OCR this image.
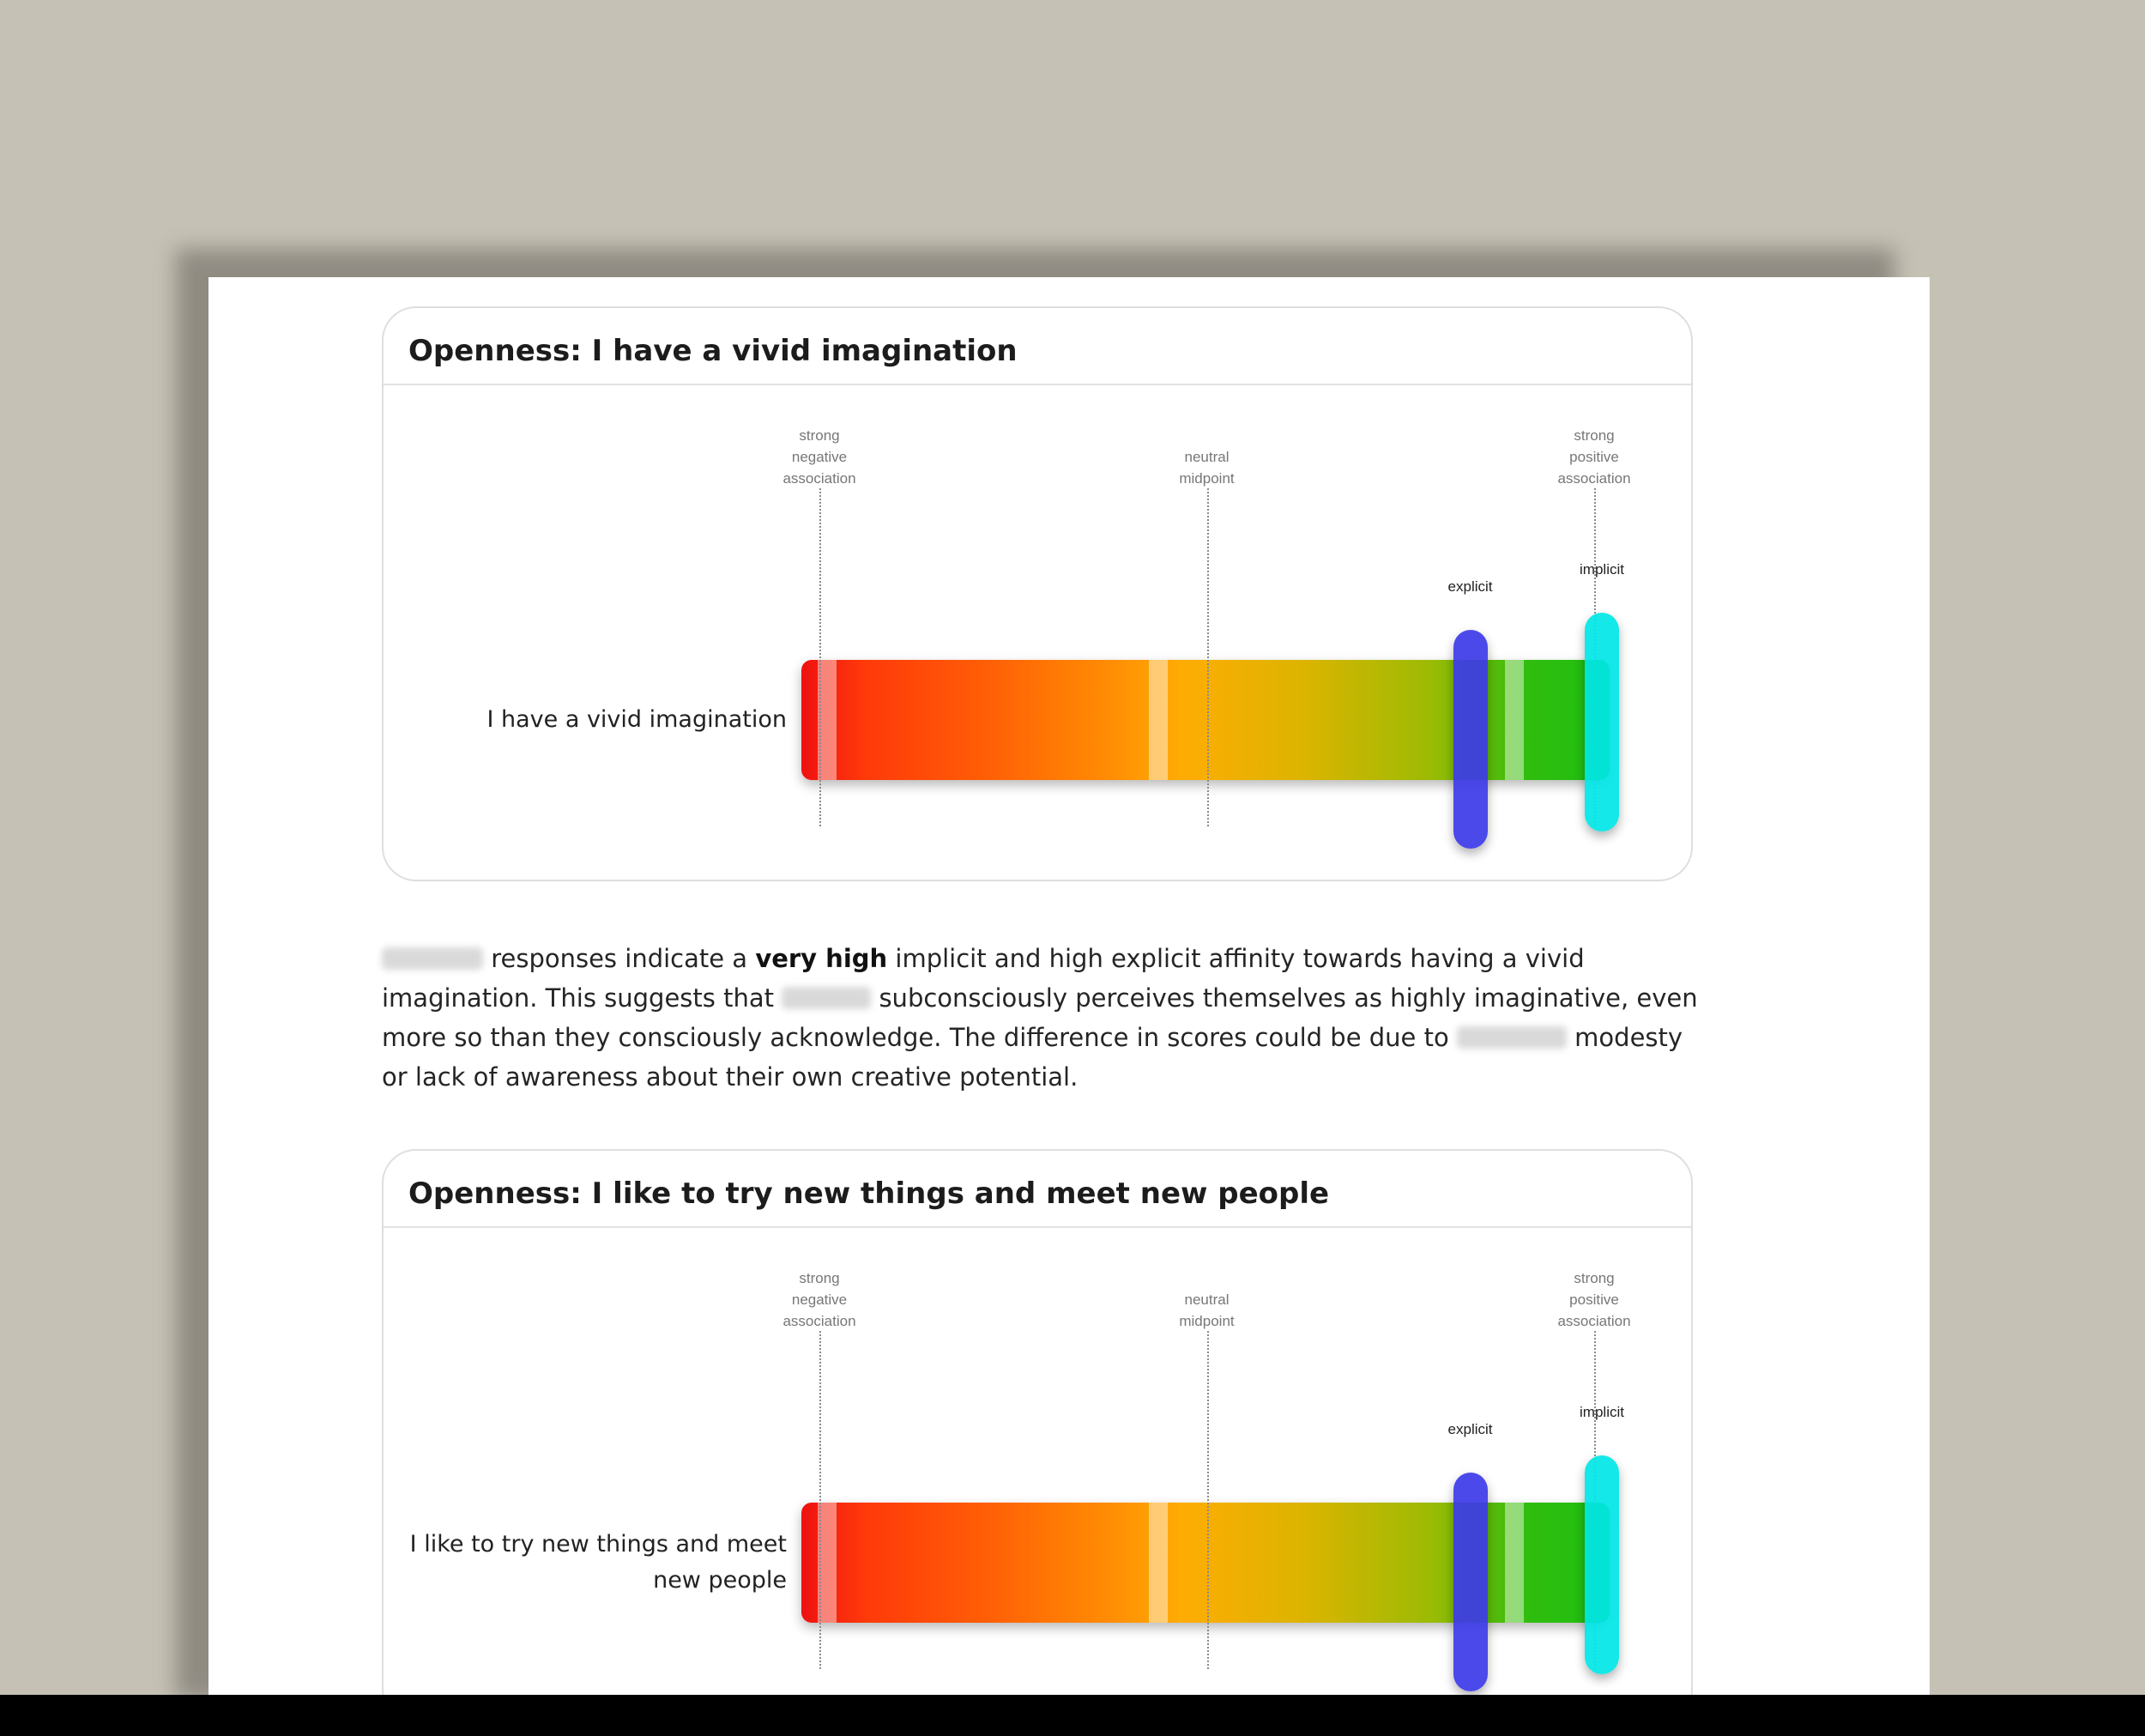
Openness: I have a vivid imagination
I have a vivid imagination
strong
negative
association
neutral
midpoint
strong
positive
association
explicit
implicit

responses indicate a very high implicit and high explicit affinity towards having a vivid imagination. This suggests that	subconsciously perceives themselves as highly imaginative, even more so than they consciously acknowledge. The difference in scores could be due to	modesty or lack of awareness about their own creative potential.

Openness: I like to try new things and meet new people
I like to try new things and meet new people
strong
negative
association
neutral
midpoint
strong
positive
association
explicit
implicit
